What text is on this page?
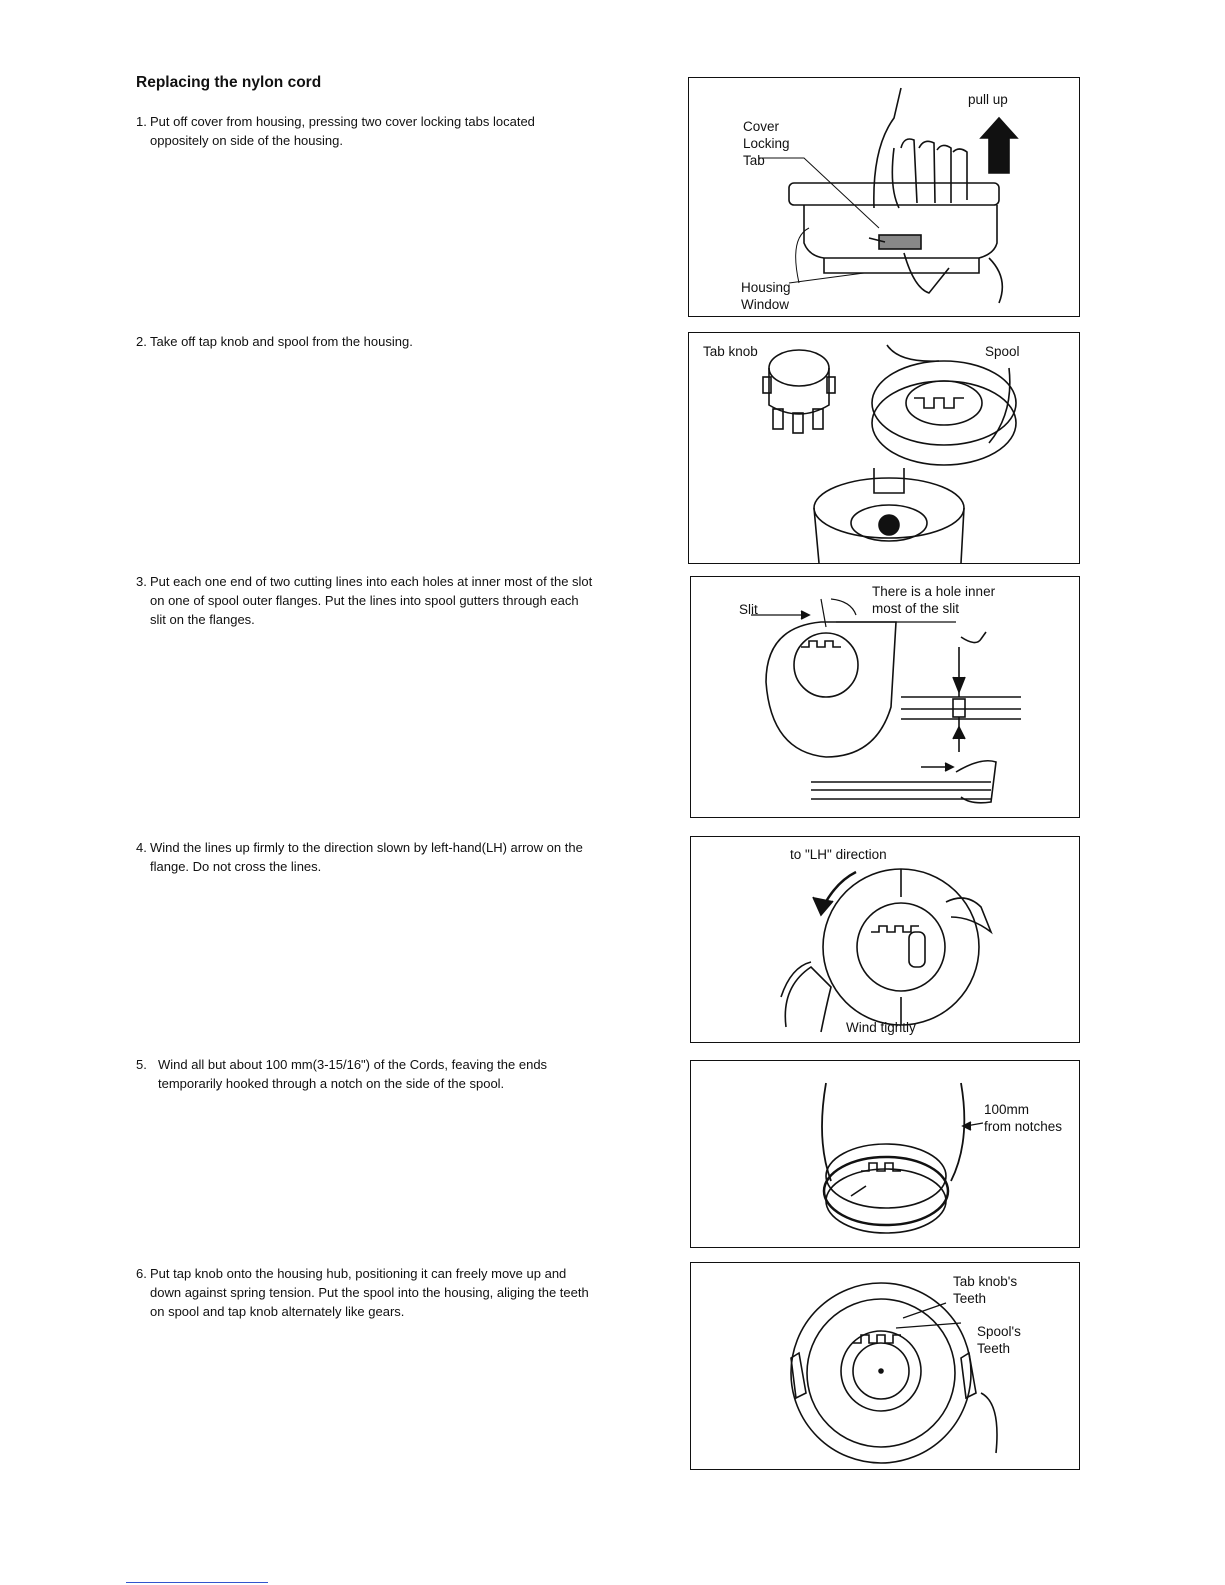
Replacing the nylon cord
1. Put off cover from housing, pressing two cover locking tabs located oppositely on side of the housing.
2. Take off tap knob and spool from the housing.
3. Put each one end of two cutting lines into each holes at inner most of the slot on one of spool outer flanges. Put the lines into spool gutters through each slit on the flanges.
4. Wind the lines up firmly to the direction slown by left-hand(LH) arrow on the flange. Do not cross the lines.
5. Wind all but about 100 mm(3-15/16") of the Cords, feaving the ends temporarily hooked through a notch on the side of the spool.
6. Put tap knob onto the housing hub, positioning it can freely move up and down against spring tension. Put the spool into the housing, aliging the teeth on spool and tap knob alternately like gears.
pull up
Cover
Locking
Tab
Housing
Window
Tab knob	Spool
Slit
There is a hole inner
most of the slit
to "LH" direction
Wind tightly
100mm
from notches
Tab knob's
Teeth
Spool's
Teeth
